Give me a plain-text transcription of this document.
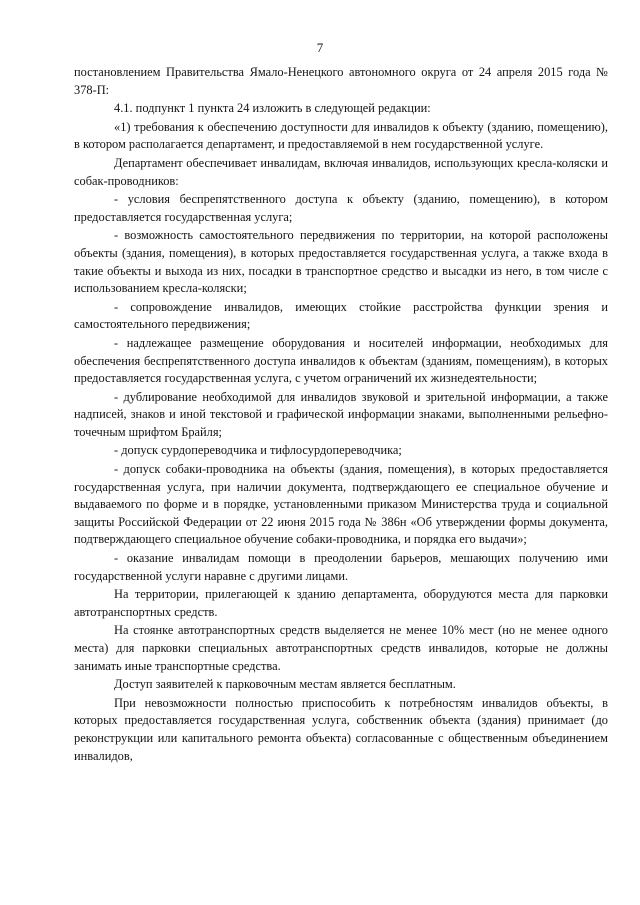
7

постановлением Правительства Ямало-Ненецкого автономного округа от 24 апреля 2015 года № 378-П:

4.1. подпункт 1 пункта 24 изложить в следующей редакции:

«1) требования к обеспечению доступности для инвалидов к объекту (зданию, помещению), в котором располагается департамент, и предоставляемой в нем государственной услуге.

Департамент обеспечивает инвалидам, включая инвалидов, использующих кресла-коляски и собак-проводников:

- условия беспрепятственного доступа к объекту (зданию, помещению), в котором предоставляется государственная услуга;

- возможность самостоятельного передвижения по территории, на которой расположены объекты (здания, помещения), в которых предоставляется государственная услуга, а также входа в такие объекты и выхода из них, посадки в транспортное средство и высадки из него, в том числе с использованием кресла-коляски;

- сопровождение инвалидов, имеющих стойкие расстройства функции зрения и самостоятельного передвижения;

- надлежащее размещение оборудования и носителей информации, необходимых для обеспечения беспрепятственного доступа инвалидов к объектам (зданиям, помещениям), в которых предоставляется государственная услуга, с учетом ограничений их жизнедеятельности;

- дублирование необходимой для инвалидов звуковой и зрительной информации, а также надписей, знаков и иной текстовой и графической информации знаками, выполненными рельефно-точечным шрифтом Брайля;

- допуск сурдопереводчика и тифлосурдопереводчика;

- допуск собаки-проводника на объекты (здания, помещения), в которых предоставляется государственная услуга, при наличии документа, подтверждающего ее специальное обучение и выдаваемого по форме и в порядке, установленными приказом Министерства труда и социальной защиты Российской Федерации от 22 июня 2015 года № 386н «Об утверждении формы документа, подтверждающего специальное обучение собаки-проводника, и порядка его выдачи»;

- оказание инвалидам помощи в преодолении барьеров, мешающих получению ими государственной услуги наравне с другими лицами.

На территории, прилегающей к зданию департамента, оборудуются места для парковки автотранспортных средств.

На стоянке автотранспортных средств выделяется не менее 10% мест (но не менее одного места) для парковки специальных автотранспортных средств инвалидов, которые не должны занимать иные транспортные средства.

Доступ заявителей к парковочным местам является бесплатным.

При невозможности полностью приспособить к потребностям инвалидов объекты, в которых предоставляется государственная услуга, собственник объекта (здания) принимает (до реконструкции или капитального ремонта объекта) согласованные с общественным объединением инвалидов,
